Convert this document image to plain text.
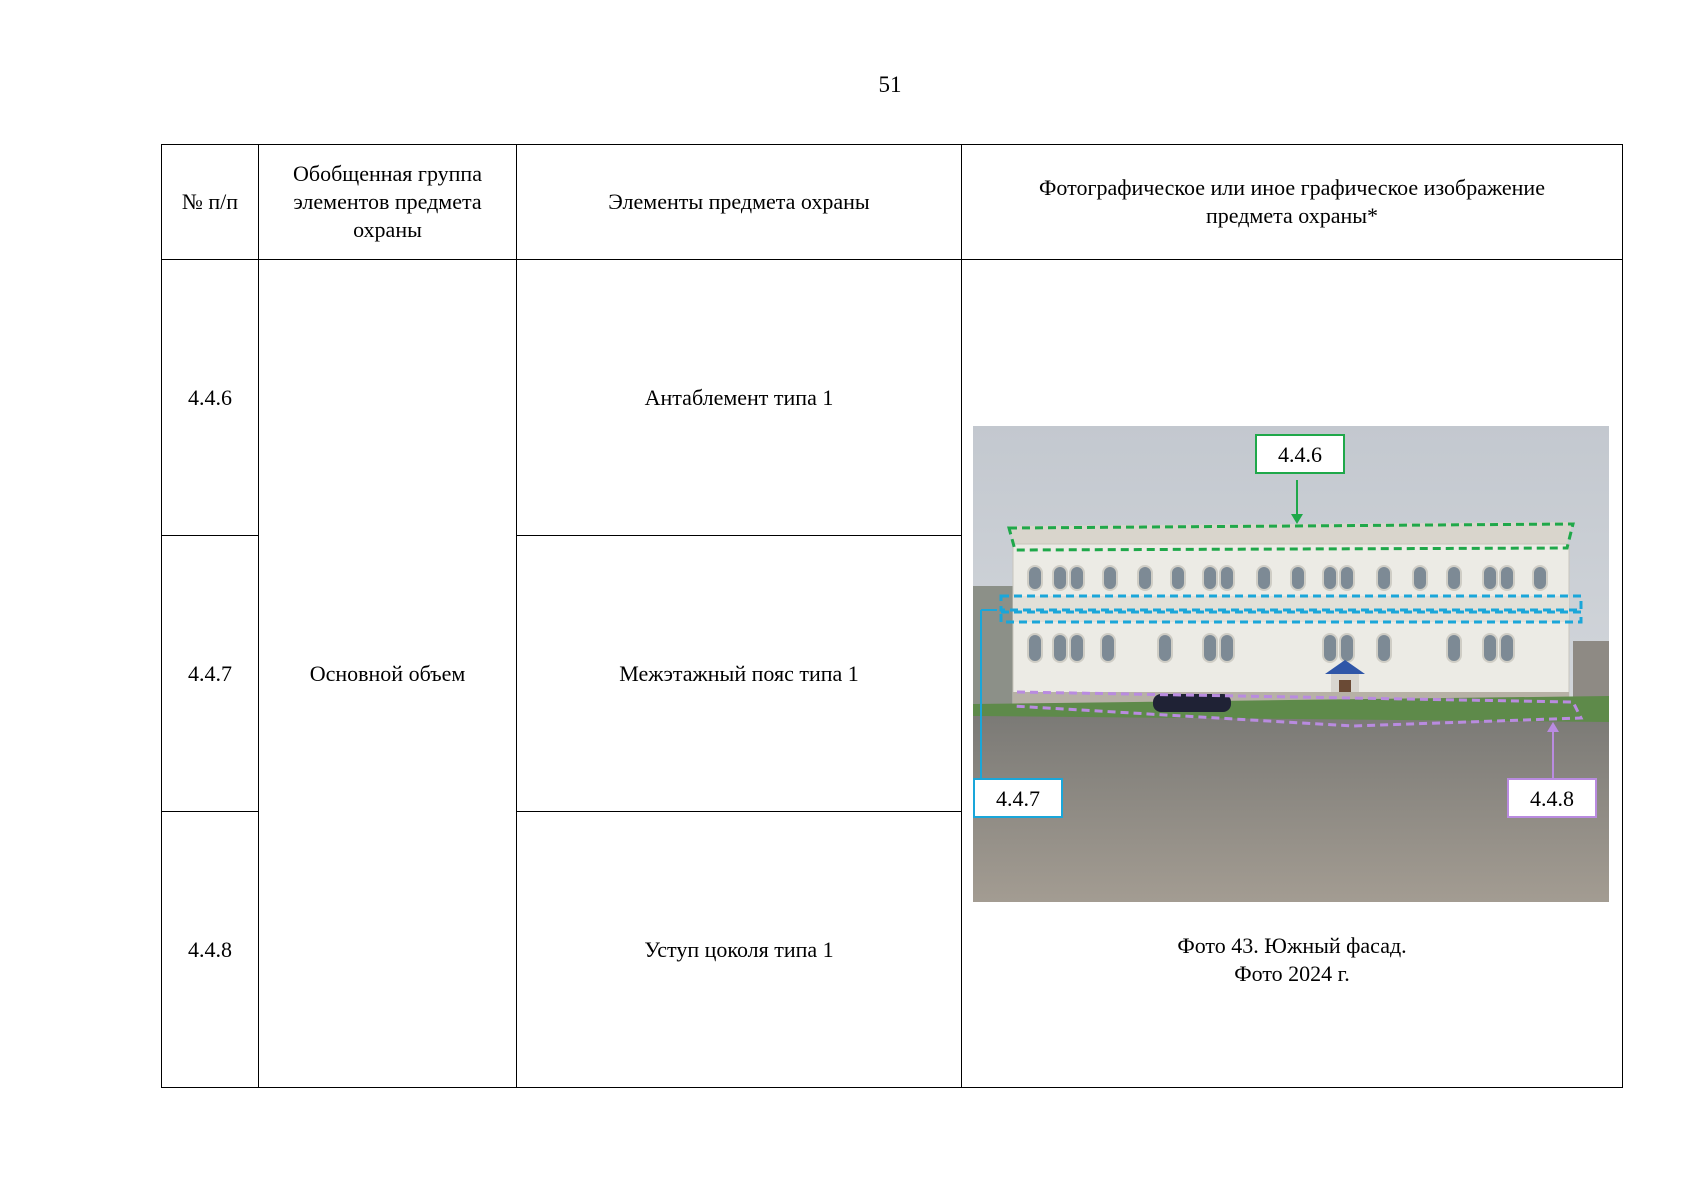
51
№ п/п	Обобщенная группа элементов предмета охраны	Элементы предмета охраны	Фотографическое или иное графическое изображение предмета охраны*
4.4.6	Основной объем	Антаблемент типа 1	4.4.6
4.4.7 4.4.8
Фото 43. Южный фасад.
Фото 2024 г.

4.4.7		Межэтажный пояс типа 1	
4.4.8		Уступ цоколя типа 1	
